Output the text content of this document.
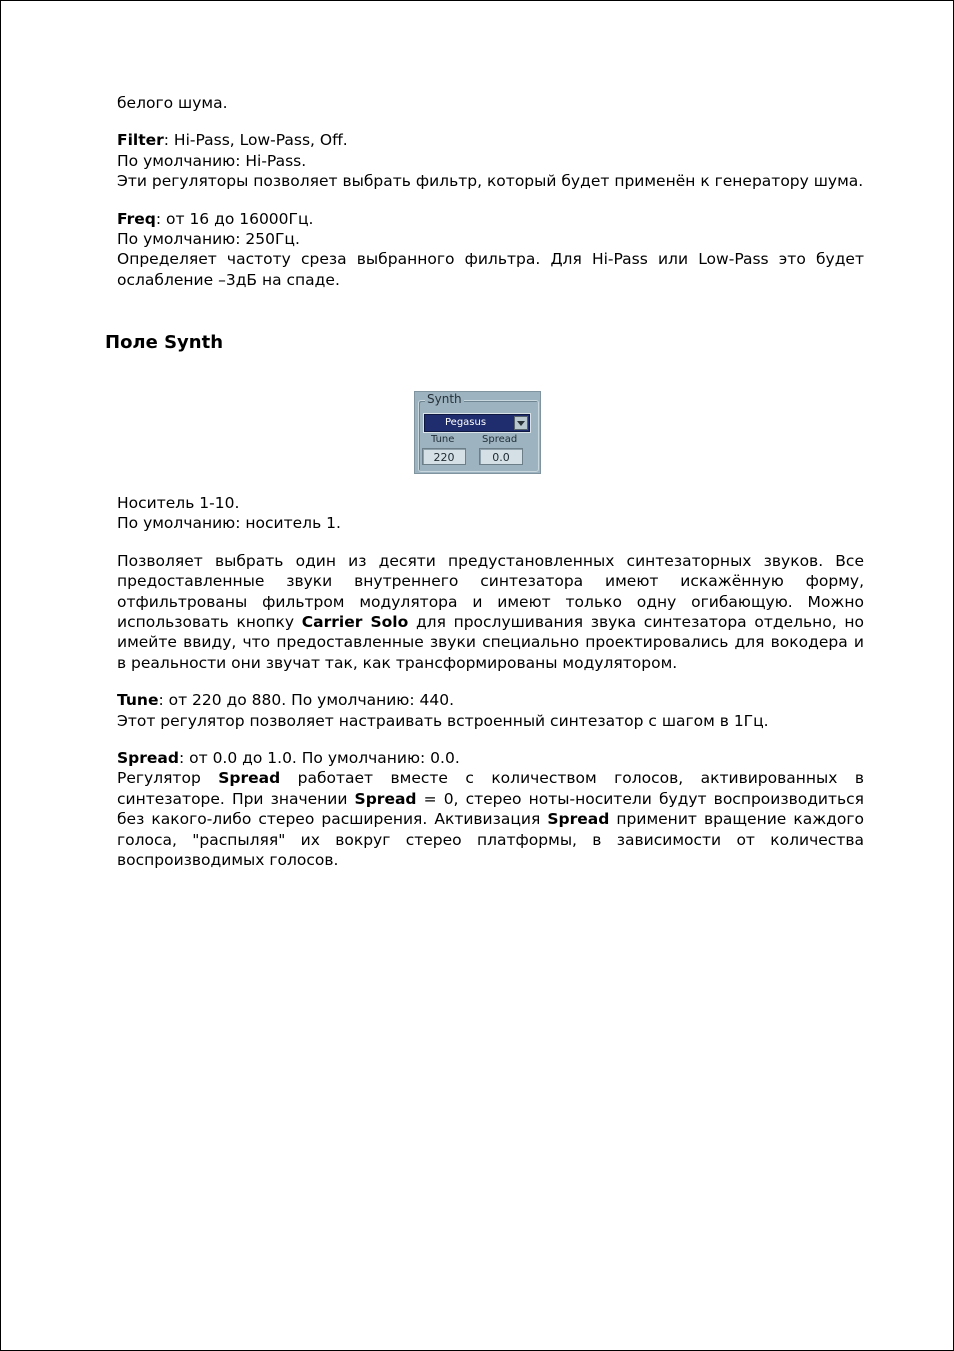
белого шума.

Filter: Hi-Pass, Low-Pass, Off.

По умолчанию: Hi-Pass.

Эти регуляторы позволяет выбрать фильтр, который будет применён к генератору шума.

Freq: от 16 до 16000Гц.

По умолчанию: 250Гц.

Определяет частоту среза выбранного фильтра. Для Hi-Pass или Low-Pass это будет ослабление –3дБ на спаде.

Поле Synth
Synth
Pegasus
Tune	Spread
220	0.0

Носитель 1-10.

По умолчанию: носитель 1.

Позволяет выбрать один из десяти предустановленных синтезаторных звуков. Все предоставленные звуки внутреннего синтезатора имеют искажённую форму, отфильтрованы фильтром модулятора и имеют только одну огибающую. Можно использовать кнопку Carrier Solo для прослушивания звука синтезатора отдельно, но имейте ввиду, что предоставленные звуки специально проектировались для вокодера и в реальности они звучат так, как трансформированы модулятором.

Tune: от 220 до 880. По умолчанию: 440.

Этот регулятор позволяет настраивать встроенный синтезатор с шагом в 1Гц.

Spread: от 0.0 до 1.0. По умолчанию: 0.0.

Регулятор Spread работает вместе с количеством голосов, активированных в синтезаторе. При значении Spread = 0, стерео ноты-носители будут воспроизводиться без какого-либо стерео расширения. Активизация Spread применит вращение каждого голоса, "распыляя" их вокруг стерео платформы, в зависимости от количества воспроизводимых голосов.
